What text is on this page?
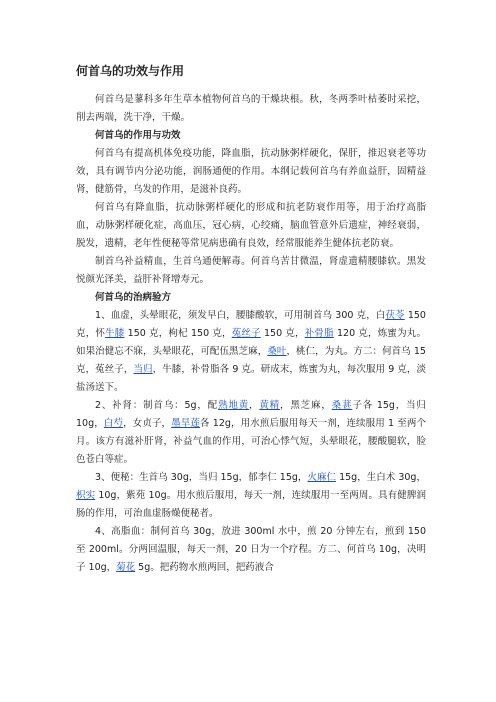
何首乌的功效与作用

何首乌是蓼科多年生草本植物何首乌的干燥块根。秋，冬两季叶枯萎时采挖，削去两端，洗干净，干燥。

何首乌的作用与功效

何首乌有提高机体免疫功能，降血脂，抗动脉粥样硬化，保肝，推迟衰老等功效，具有调节内分泌功能，润肠通便的作用。本纲记载何首乌有养血益肝，固精益肾，健筋骨，乌发的作用，是滋补良药。

何首乌有降血脂，抗动脉粥样硬化的形成和抗老防衰作用等，用于治疗高脂血，动脉粥样硬化症，高血压，冠心病，心绞痛，脑血管意外后遗症，神经衰弱，脱发，遗精，老年性便秘等常见病患确有良效，经常服能养生健体抗老防衰。

制首乌补益精血，生首乌通便解毒。何首乌苦甘微温，肾虚遗精腰膝软。黑发悦颜光泽美，益肝补肾增寿元。

何首乌的治病验方

1、血虚，头晕眼花，须发早白，腰膝酸软，可用制首乌 300 克，白茯苓 150 克，怀牛膝 150 克，枸杞 150 克，菟丝子 150 克，补骨脂 120 克，炼蜜为丸。如果治健忘不寐，头晕眼花，可配伍黑芝麻，桑叶，桃仁，为丸。方二：何首乌 15 克，菟丝子，当归，牛膝，补骨脂各 9 克。研成末，炼蜜为丸，每次服用 9 克，淡盐汤送下。

2、补肾：制首乌：5g，配熟地黄，黄精，黑芝麻，桑葚子各 15g，当归 10g，白芍，女贞子，墨旱莲各 12g，用水煎后服用每天一剂，连续服用 1 至两个月。该方有滋补肝肾，补益气血的作用，可治心悸气短，头晕眼花，腰酸腿软，脸色苍白等症。

3、便秘：生首乌 30g，当归 15g，郁李仁 15g，火麻仁 15g，生白术 30g，枳实 10g，紫苑 10g。用水煎后服用，每天一剂，连续服用一至两周。具有健脾润肠的作用，可治血虚肠燥便秘者。

4、高脂血：制何首乌 30g，放进 300ml 水中，煎 20 分钟左右，煎到 150 至 200ml。分两回温服，每天一剂，20 日为一个疗程。方二、何首乌 10g，决明子 10g，菊花 5g。把药物水煎两回，把药液合
